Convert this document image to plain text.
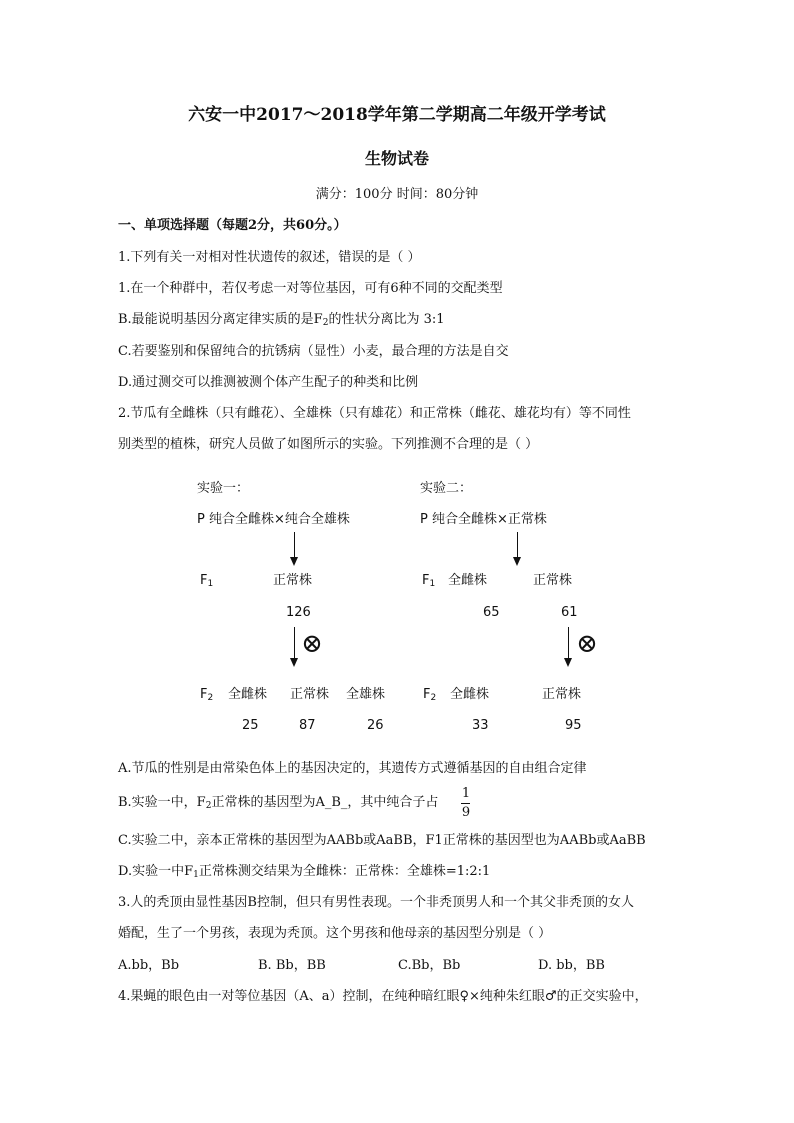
六安一中2017～2018学年第二学期高二年级开学考试
生物试卷
满分：100分 时间：80分钟
一、单项选择题（每题2分，共60分。）
1.下列有关一对相对性状遗传的叙述，错误的是（ ）
1.在一个种群中，若仅考虑一对等位基因，可有6种不同的交配类型
B.最能说明基因分离定律实质的是$F_2$的性状分离比为 3:1
C.若要鉴别和保留纯合的抗锈病（显性）小麦，最合理的方法是自交
D.通过测交可以推测被测个体产生配子的种类和比例
2.节瓜有全雌株（只有雌花）、全雄株（只有雄花）和正常株（雌花、雄花均有）等不同性
别类型的植株，研究人员做了如图所示的实验。下列推测不合理的是（ ）
实验一：
P 纯合全雌株×纯合全雄株
$F_1$	正常株
126
⊗
$F_2$ 全雌株 正常株 全雄株
25	87	26
实验二：
P 纯合全雌株×正常株
$F_1$ 全雌株	正常株
65	61
⊗
$F_2$ 全雌株	正常株
33	95
A.节瓜的性别是由常染色体上的基因决定的，其遗传方式遵循基因的自由组合定律
B.实验一中，$F_2$正常株的基因型为A_B_，其中纯合子占
1
9
C.实验二中，亲本正常株的基因型为AABb或AaBB，F1正常株的基因型也为AABb或AaBB
D.实验一中$F_1$正常株测交结果为全雌株：正常株：全雄株=1:2:1
3.人的秃顶由显性基因B控制，但只有男性表现。一个非秃顶男人和一个其父非秃顶的女人
婚配，生了一个男孩，表现为秃顶。这个男孩和他母亲的基因型分别是（ ）
A.bb，Bb	B. Bb，BB	C.Bb，Bb	D. bb，BB
4.果蝇的眼色由一对等位基因（A、a）控制，在纯种暗红眼♀×纯种朱红眼♂的正交实验中，
